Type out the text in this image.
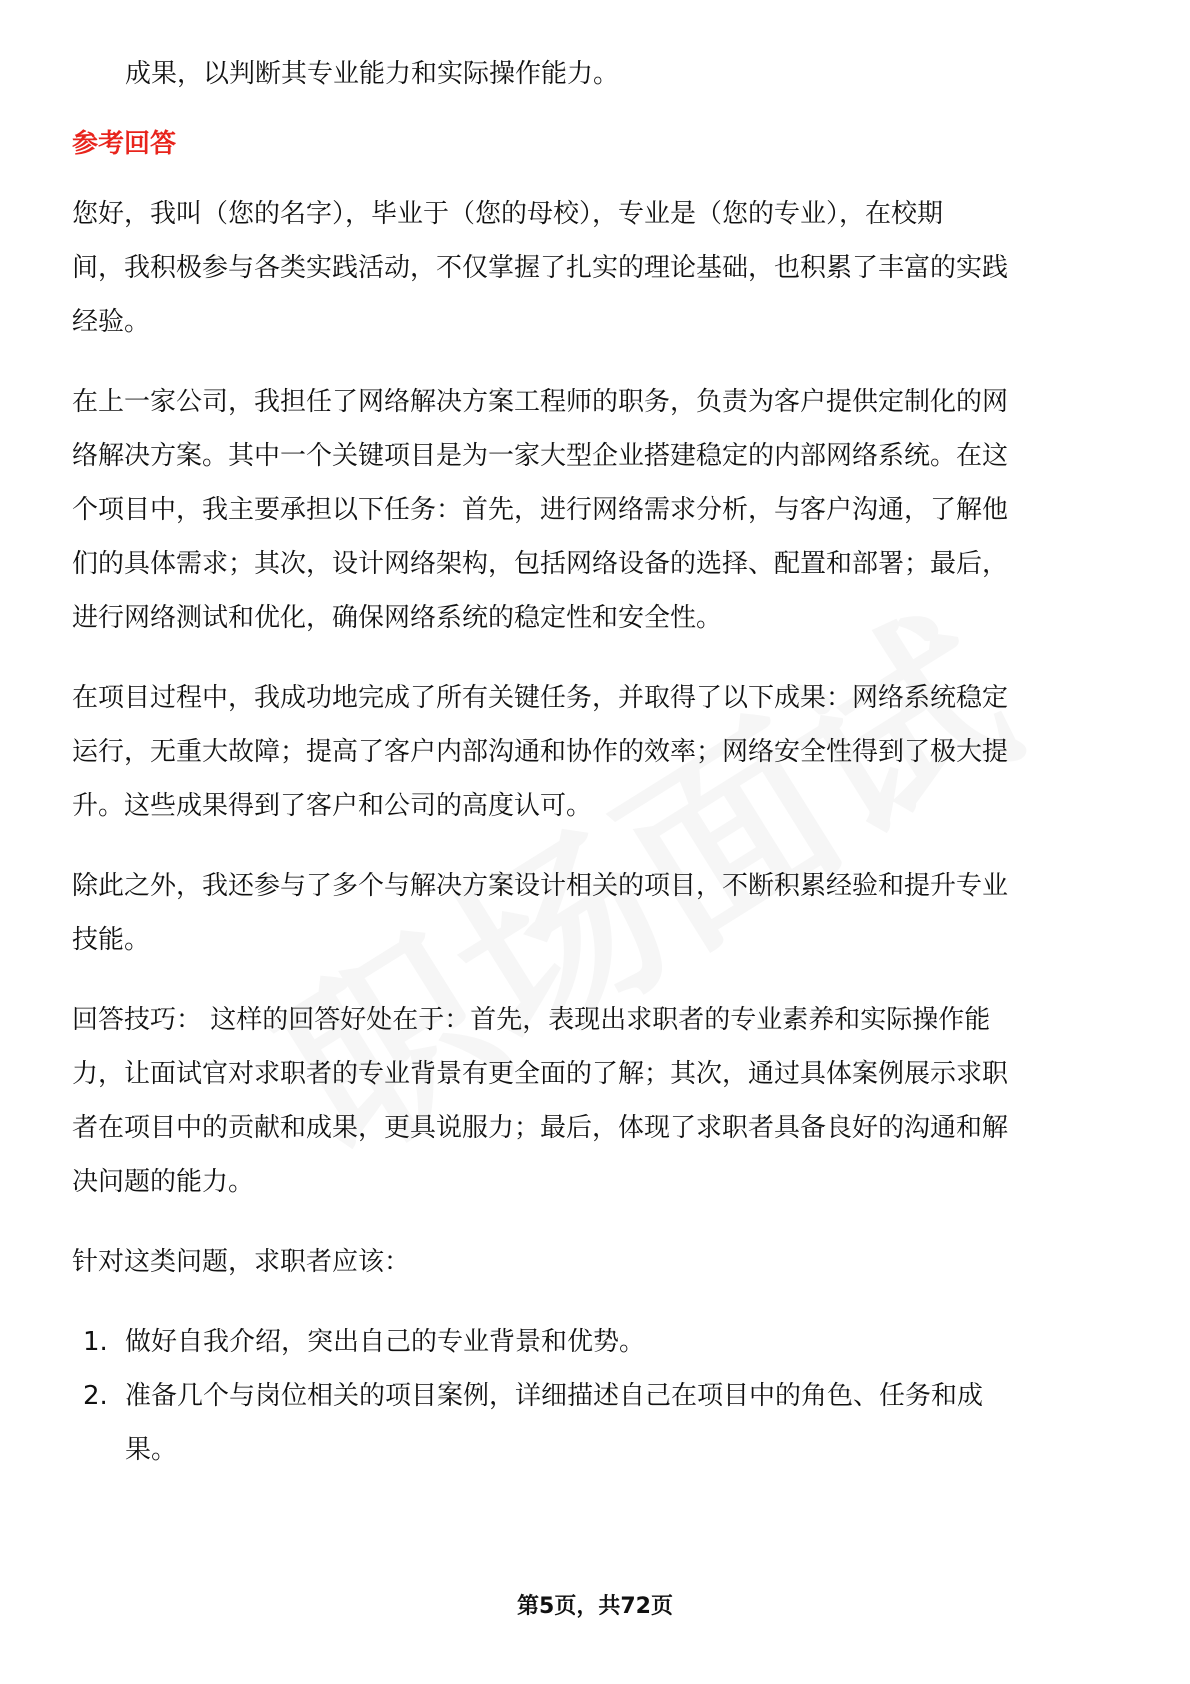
成果，以判断其专业能力和实际操作能力。
参考回答
您好，我叫（您的名字），毕业于（您的母校），专业是（您的专业），在校期
间，我积极参与各类实践活动，不仅掌握了扎实的理论基础，也积累了丰富的实践
经验。
在上一家公司，我担任了网络解决方案工程师的职务，负责为客户提供定制化的网
络解决方案。其中一个关键项目是为一家大型企业搭建稳定的内部网络系统。在这
个项目中，我主要承担以下任务：首先，进行网络需求分析，与客户沟通，了解他
们的具体需求；其次，设计网络架构，包括网络设备的选择、配置和部署；最后，
进行网络测试和优化，确保网络系统的稳定性和安全性。
在项目过程中，我成功地完成了所有关键任务，并取得了以下成果：网络系统稳定
运行，无重大故障；提高了客户内部沟通和协作的效率；网络安全性得到了极大提
升。这些成果得到了客户和公司的高度认可。
除此之外，我还参与了多个与解决方案设计相关的项目，不断积累经验和提升专业
技能。
回答技巧： 这样的回答好处在于：首先，表现出求职者的专业素养和实际操作能
力，让面试官对求职者的专业背景有更全面的了解；其次，通过具体案例展示求职
者在项目中的贡献和成果，更具说服力；最后，体现了求职者具备良好的沟通和解
决问题的能力。
针对这类问题，求职者应该：
1. 做好自我介绍，突出自己的专业背景和优势。
2. 准备几个与岗位相关的项目案例，详细描述自己在项目中的角色、任务和成
果。
第5页，共72页
